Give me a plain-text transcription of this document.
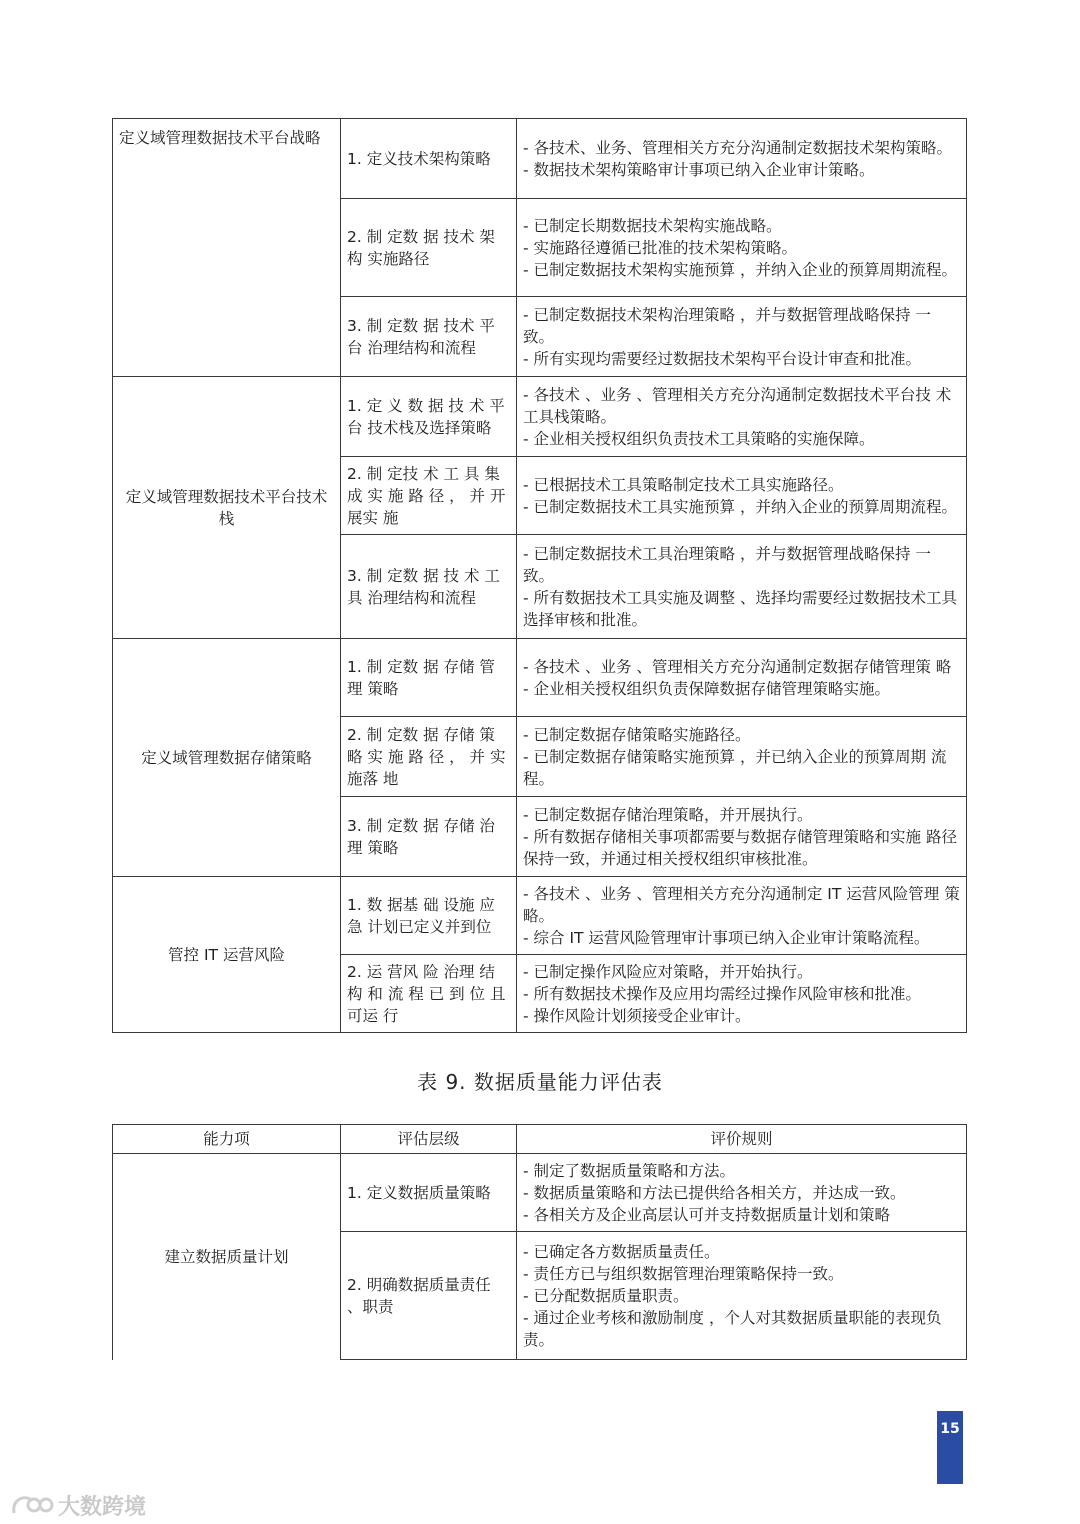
定义域管理数据技术平台战略	1. 定义技术架构策略	- 各技术、业务、管理相关方充分沟通制定数据技术架构策略。
- 数据技术架构策略审计事项已纳入企业审计策略。

	2. 制 定数 据 技术 架 构 实施路径	- 已制定长期数据技术架构实施战略。
- 实施路径遵循已批准的技术架构策略。
- 已制定数据技术架构实施预算 ，并纳入企业的预算周期流程。

	3. 制 定数 据 技术 平 台 治理结构和流程	- 已制定数据技术架构治理策略 ，并与数据管理战略保持 一 致。
- 所有实现均需要经过数据技术架构平台设计审查和批准。

定义域管理数据技术平台技术栈	1. 定 义 数 据 技 术 平 台 技术栈及选择策略	- 各技术 、业务 、管理相关方充分沟通制定数据技术平台技 术工具栈策略。
- 企业相关授权组织负责技术工具策略的实施保障。

	2. 制 定技 术 工 具 集 成 实 施 路 径 ， 并 开 展实 施	- 已根据技术工具策略制定技术工具实施路径。
- 已制定数据技术工具实施预算 ，并纳入企业的预算周期流程。

	3. 制 定数 据 技 术 工 具 治理结构和流程	- 已制定数据技术工具治理策略 ，并与数据管理战略保持 一 致。
- 所有数据技术工具实施及调整 、选择均需要经过数据技术工具选择审核和批准。

定义域管理数据存储策略	1. 制 定数 据 存储 管 理 策略	- 各技术 、业务 、管理相关方充分沟通制定数据存储管理策 略
- 企业相关授权组织负责保障数据存储管理策略实施。

	2. 制 定数 据 存储 策 略 实 施 路 径 ， 并 实 施落 地	- 已制定数据存储策略实施路径。
- 已制定数据存储策略实施预算 ，并已纳入企业的预算周期 流程。

	3. 制 定数 据 存储 治 理 策略	- 已制定数据存储治理策略，并开展执行。
- 所有数据存储相关事项都需要与数据存储管理策略和实施 路径保持一致，并通过相关授权组织审核批准。

管控 IT 运营风险	1. 数 据基 础 设施 应 急 计划已定义并到位	- 各技术 、业务 、管理相关方充分沟通制定 IT 运营风险管理 策略。
- 综合 IT 运营风险管理审计事项已纳入企业审计策略流程。

	2. 运 营风 险 治理 结 构 和 流 程 已 到 位 且 可运 行	- 已制定操作风险应对策略，并开始执行。
- 所有数据技术操作及应用均需经过操作风险审核和批准。
- 操作风险计划须接受企业审计。
表 9. 数据质量能力评估表
能力项	评估层级	评价规则
建立数据质量计划	1. 定义数据质量策略	- 制定了数据质量策略和方法。
- 数据质量策略和方法已提供给各相关方，并达成一致。
- 各相关方及企业高层认可并支持数据质量计划和策略

	2. 明确数据质量责任 、职责	- 已确定各方数据质量责任。
- 责任方已与组织数据管理治理策略保持一致。
- 已分配数据质量职责。
- 通过企业考核和激励制度 ，个人对其数据质量职能的表现负责。
15
大数跨境
